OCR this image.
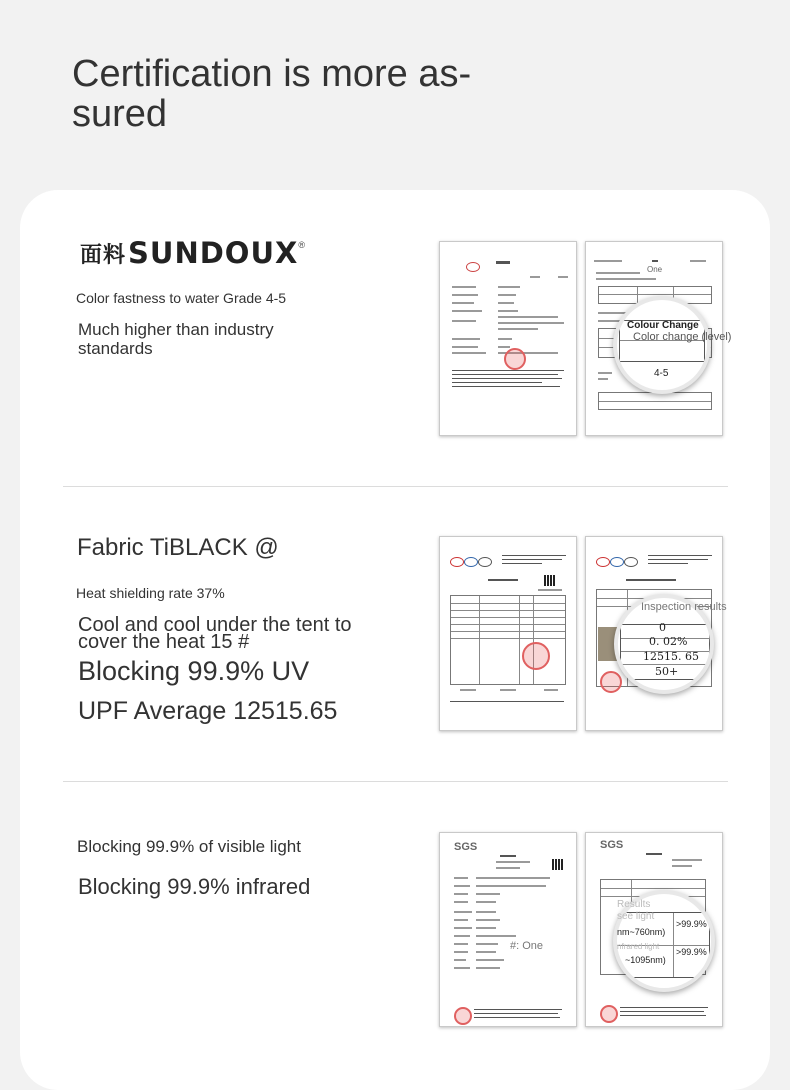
Certification is more as-sured
面料 SUNDOUX ®
Color fastness to water Grade 4-5
Much higher than industry standards
One
Colour Change
Color change (level)
4-5
Fabric TiBLACK @
Heat shielding rate 37%
Cool and cool under the tent to cover the heat 15 #
Blocking 99.9% UV
UPF Average 12515.65
Inspection results
0
0. 02%
12515. 65
50+
Blocking 99.9% of visible light
Blocking 99.9% infrared
SGS
#: One
SGS
Results
see light
nfrared light
nm~760nm)
>99.9%
~1095nm)
>99.9%
